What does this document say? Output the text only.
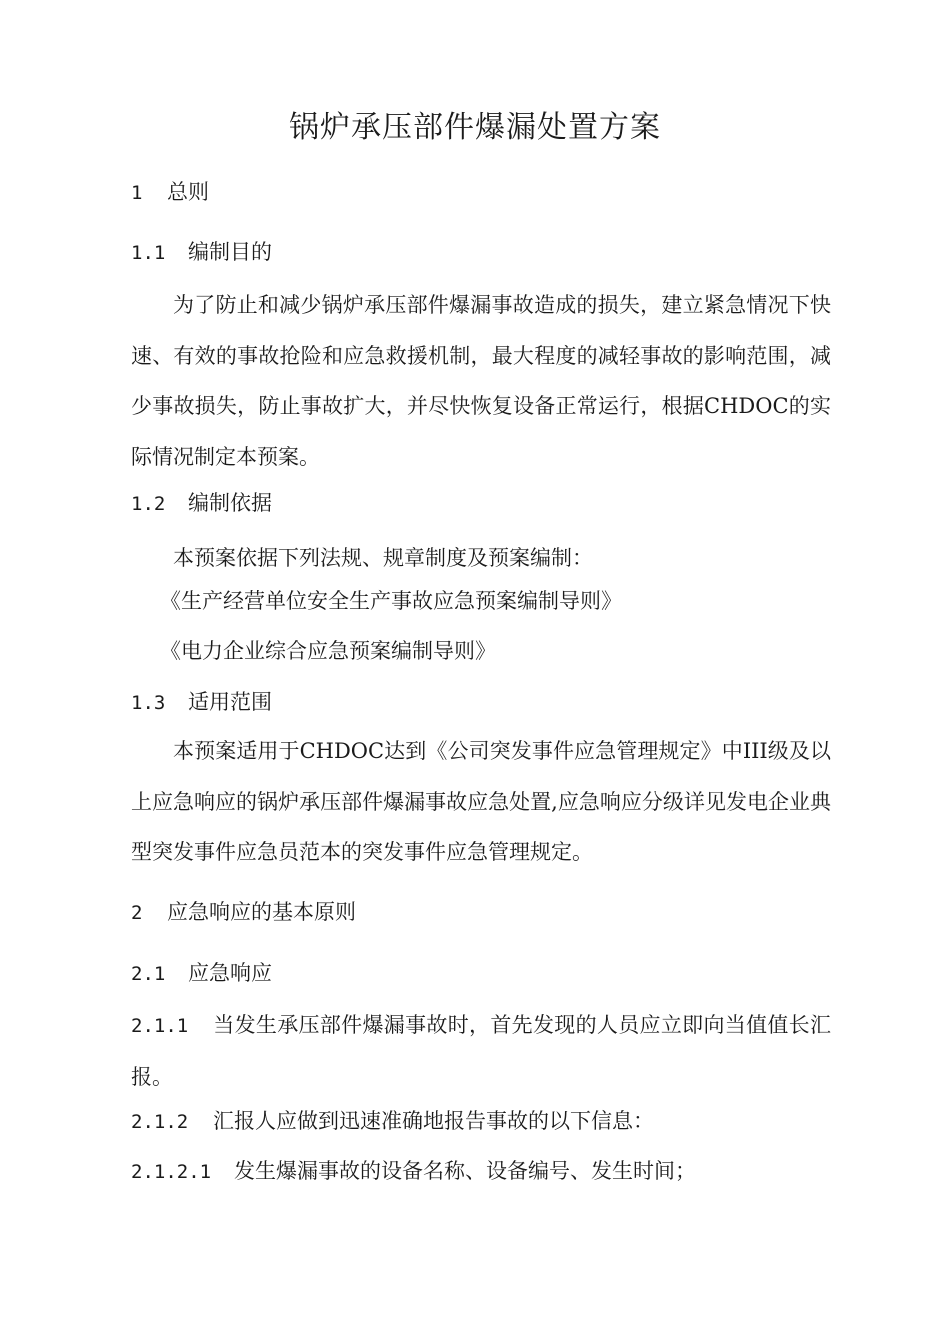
锅炉承压部件爆漏处置方案
1 总则
1.1 编制目的
为了防止和减少锅炉承压部件爆漏事故造成的损失，建立紧急情况下快速、有效的事故抢险和应急救援机制，最大程度的减轻事故的影响范围，减少事故损失，防止事故扩大，并尽快恢复设备正常运行，根据CHDOC的实际情况制定本预案。
1.2 编制依据
本预案依据下列法规、规章制度及预案编制：
《生产经营单位安全生产事故应急预案编制导则》
《电力企业综合应急预案编制导则》
1.3 适用范围
本预案适用于CHDOC达到《公司突发事件应急管理规定》中III级及以上应急响应的锅炉承压部件爆漏事故应急处置,应急响应分级详见发电企业典型突发事件应急员范本的突发事件应急管理规定。
2 应急响应的基本原则
2.1 应急响应
2.1.1 当发生承压部件爆漏事故时，首先发现的人员应立即向当值值长汇报。
2.1.2 汇报人应做到迅速准确地报告事故的以下信息：
2.1.2.1 发生爆漏事故的设备名称、设备编号、发生时间；
